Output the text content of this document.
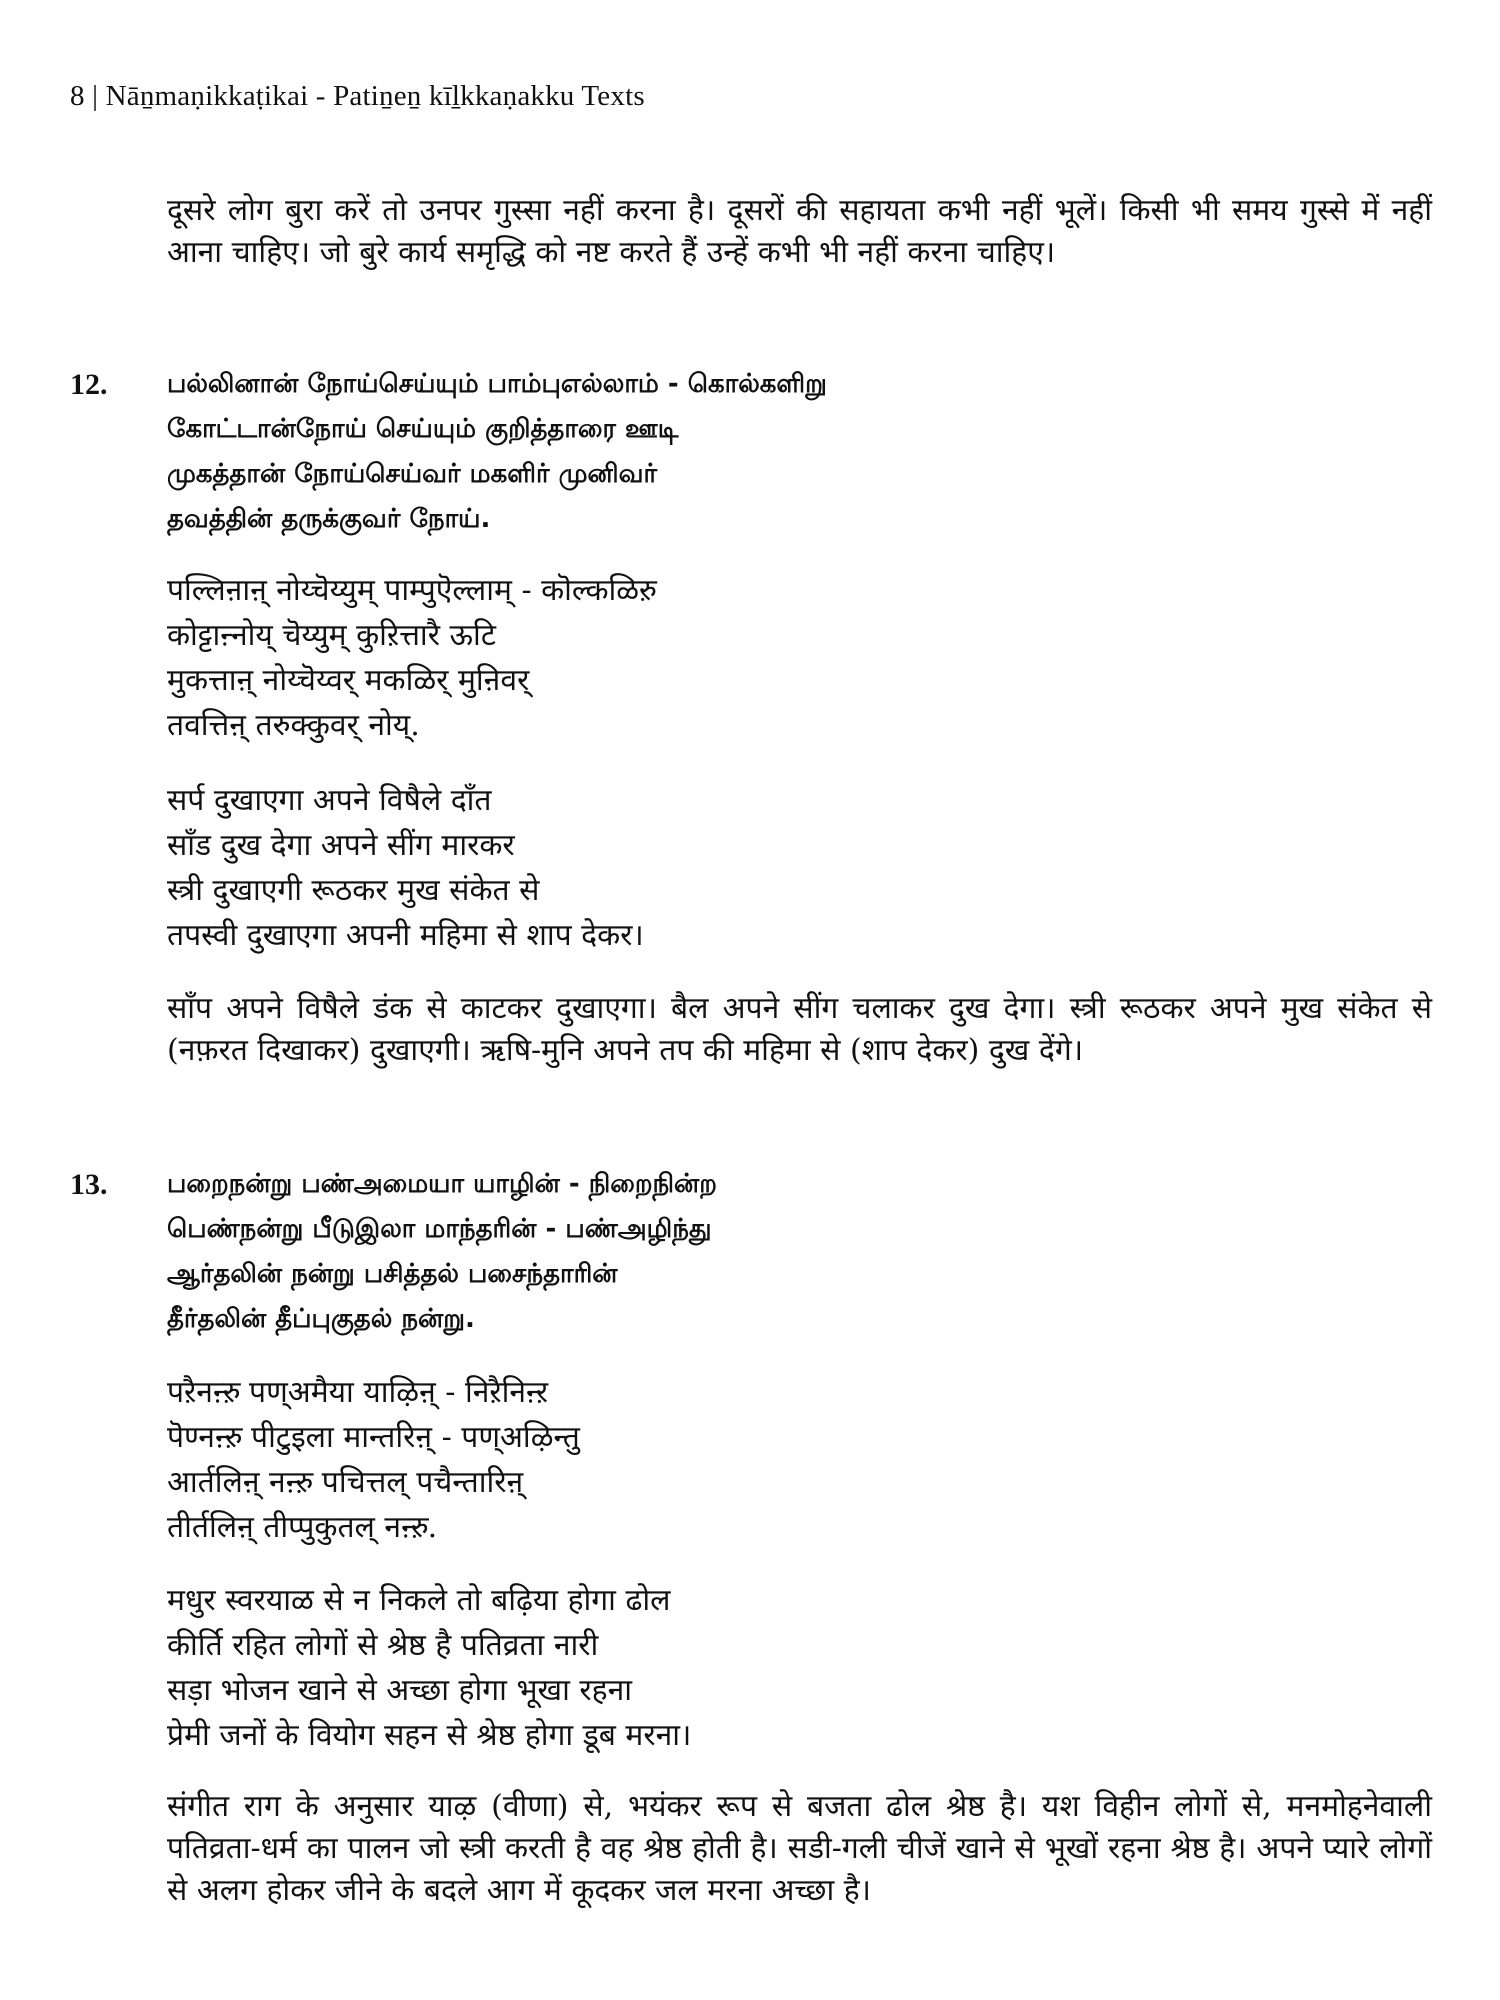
8 | Nāṉmaṇikkaṭikai - Patiṉeṉ kīḻkkaṇakku Texts
दूसरे लोग बुरा करें तो उनपर गुस्सा नहीं करना है। दूसरों की सहायता कभी नहीं भूलें। किसी भी समय गुस्से में नहीं आना चाहिए। जो बुरे कार्य समृद्धि को नष्ट करते हैं उन्हें कभी भी नहीं करना चाहिए।
12. பல்லினான் நோய்செய்யும் பாம்புஎல்லாம் - கொல்களிறு
கோட்டான்நோய் செய்யும் குறித்தாரை ஊடி
முகத்தான் நோய்செய்வர் மகளிர் முனிவர்
தவத்தின் தருக்குவர் நோய்.
पल्लिऩाऩ् नोय्चॆय्युम् पाम्पुऎल्लाम् - कॊल्कळिऱु
कोट्टाऩ्नोय् चॆय्युम् कुऱित्तारै ऊटि
मुकत्ताऩ् नोय्चॆय्वर् मकळिर् मुऩिवर्
तवत्तिऩ् तरुक्कुवर् नोय्.
सर्प दुखाएगा अपने विषैले दाँत
साँड दुख देगा अपने सींग मारकर
स्त्री दुखाएगी रूठकर मुख संकेत से
तपस्वी दुखाएगा अपनी महिमा से शाप देकर।
साँप अपने विषैले डंक से काटकर दुखाएगा। बैल अपने सींग चलाकर दुख देगा। स्त्री रूठकर अपने मुख संकेत से (नफ़रत दिखाकर) दुखाएगी। ऋषि-मुनि अपने तप की महिमा से (शाप देकर) दुख देंगे।
13. பறைநன்று பண்அமையா யாழின் - நிறைநின்ற
பெண்நன்று பீடுஇலா மாந்தரின் - பண்அழிந்து
ஆர்தலின் நன்று பசித்தல் பசைந்தாரின்
தீர்தலின் தீப்புகுதல் நன்று.
पऱैनऩ्ऱु पण्अमैया याऴिऩ् - निऱैनिऩ्ऱ
पॆण्नऩ्ऱु पीटुइला मान्तरिऩ् - पण्अऴिन्तु
आर्तलिऩ् नऩ्ऱु पचित्तल् पचैन्तारिऩ्
तीर्तलिऩ् तीप्पुकुतल् नऩ्ऱु.
मधुर स्वरयाळ से न निकले तो बढ़िया होगा ढोल
कीर्ति रहित लोगों से श्रेष्ठ है पतिव्रता नारी
सड़ा भोजन खाने से अच्छा होगा भूखा रहना
प्रेमी जनों के वियोग सहन से श्रेष्ठ होगा डूब मरना।
संगीत राग के अनुसार याऴ (वीणा) से, भयंकर रूप से बजता ढोल श्रेष्ठ है। यश विहीन लोगों से, मनमोहनेवाली पतिव्रता-धर्म का पालन जो स्त्री करती है वह श्रेष्ठ होती है। सडी-गली चीजें खाने से भूखों रहना श्रेष्ठ है। अपने प्यारे लोगों से अलग होकर जीने के बदले आग में कूदकर जल मरना अच्छा है।
